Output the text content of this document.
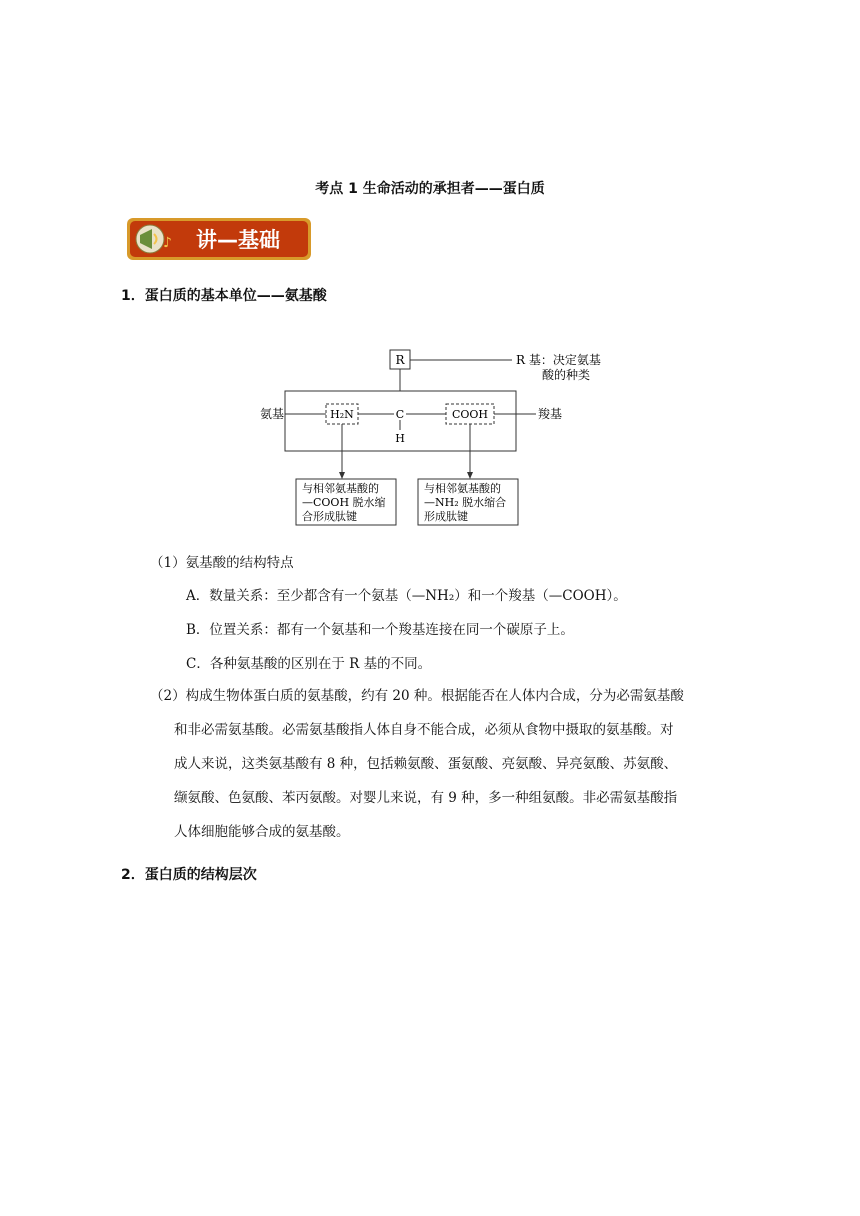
考点 1 生命活动的承担者——蛋白质
♪ 讲—基础
1．蛋白质的基本单位——氨基酸
R	R 基：决定氨基
酸的种类
氨基	H₂N	C
H
COOH	羧基
与相邻氨基酸的
—COOH 脱水缩
合形成肽键
与相邻氨基酸的
—NH₂ 脱水缩合
形成肽键
（1）氨基酸的结构特点
A．数量关系：至少都含有一个氨基（—NH₂）和一个羧基（—COOH）。
B．位置关系：都有一个氨基和一个羧基连接在同一个碳原子上。
C．各种氨基酸的区别在于 R 基的不同。
（2）构成生物体蛋白质的氨基酸，约有 20 种。根据能否在人体内合成，分为必需氨基酸
和非必需氨基酸。必需氨基酸指人体自身不能合成，必须从食物中摄取的氨基酸。对
成人来说，这类氨基酸有 8 种，包括赖氨酸、蛋氨酸、亮氨酸、异亮氨酸、苏氨酸、
缬氨酸、色氨酸、苯丙氨酸。对婴儿来说，有 9 种，多一种组氨酸。非必需氨基酸指
人体细胞能够合成的氨基酸。
2．蛋白质的结构层次
